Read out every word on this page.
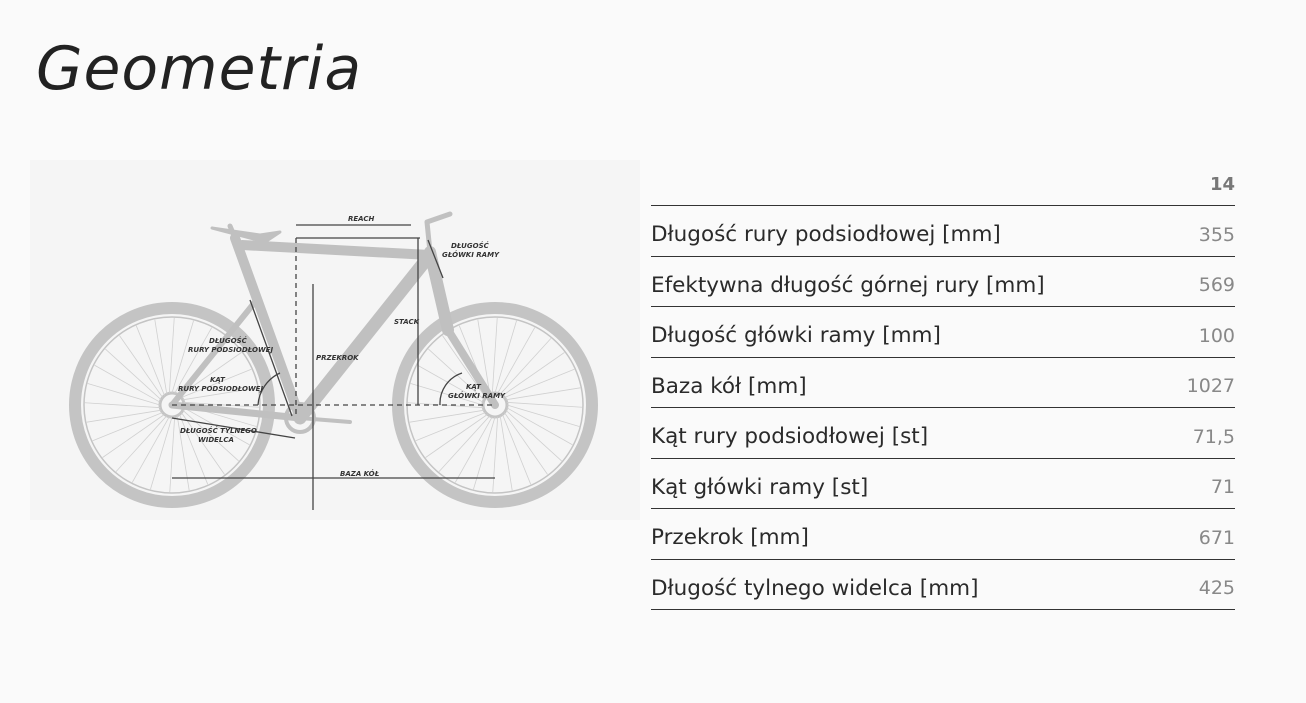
Geometria
REACH
DŁUGOŚĆ
GŁÓWKI RAMY
STACK
DŁUGOŚĆ
RURY PODSIODŁOWEJ
PRZEKROK
KĄT
RURY PODSIODŁOWEJ	KĄT
GŁÓWKI RAMY
DŁUGOŚĆ TYLNEGO
WIDELCA
BAZA KÓŁ
14
Długość rury podsiodłowej [mm]	355
Efektywna długość górnej rury [mm]	569
Długość główki ramy [mm]	100
Baza kół [mm]	1027
Kąt rury podsiodłowej [st]	71,5
Kąt główki ramy [st]	71
Przekrok [mm]	671
Długość tylnego widelca [mm]	425
